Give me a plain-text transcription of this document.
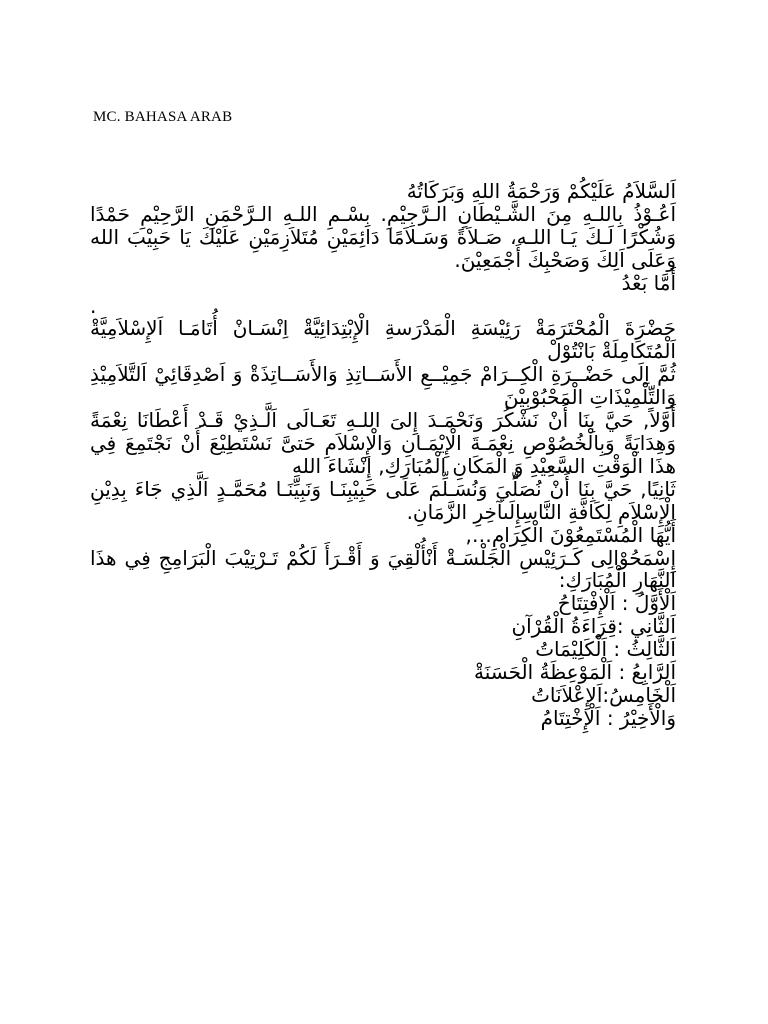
MC. BAHASA ARAB

اَلسَّلاَمُ عَلَيْكُمْ وَرَحْمَةُ اللهِ وَبَرَكَاتُهُ

اَعُـوْذُ بِاللـهِ مِنَ الشَّـيْطَانِ الـرَّجِيْمِ. بِسْـمِ اللـهِ الـرَّحْمَنِ الرَّحِيْمِ حَمْدًا وَشُكْرًا لَـكَ يَـا اللـه، صَـلاَةً وَسَـلاَمًا دَائِمَيْنِ مُتَلاَزِمَيْنِ عَلَيْكَ يَا حَبِيْبَ الله وَعَلَى اَلِكَ وَصَحْبِكَ أَجْمَعِيْنَ.

أَمَّا بَعْدُ

.

حَضْرَةَ الْمُحْتَرَمَةْ رَئِيْسَةِ الْمَدْرَسةِ الْإِبْتِدَائِيَّةْ اِنْسَـانْ أُتَامَـا اَلإِسْلاَمِيَّةْ اَلْمُتَكَامِلَةْ بَانْتُوْلْ

ثُمَّ اِلَى حَضْــرَةِ الْكِــرَامْ جَمِيْــعِ الأَسَــاتِذِ وَالأَسَــاتِذَةْ وَ اَصْدِقَائِيْ اَلتَّلاَمِيْذِ وَالتِّلْمِيْذَاتِ الْمَحْبُوْبِيْنَ

أَوَّلاً, حَيَّ بِنَا أَنْ نَشْكُرَ وَنَحْمَـدَ إِلىَ اللـهِ تَعَـالَى اَلَّـذِيْ قَـدْ أَعْطَانَا نِعْمَةً وَهِدَايَةً وَبِالْخُصُوْصِ نِعْمَـةَ الْإِيْمَـانِ وَالْإِسْلاَمِ حَتىَّ نَسْتَطِيْعَ أَنْ نَجْتَمِعَ فِي هذَا الْوَقْتِ السَّعِيْدِ وَ الْمَكَانِ الْمُبَارَكِ, إِنْشَاءَ اللهِ

ثَانِيًا, حَيَّ بِنَا أَنْ نُصَلِّيَ وَنُسَـلِّمَ عَلَى حَبِيْبِنَـا وَنَبِيِّنَـا مُحَمَّـدٍ اَلَّذِي جَاءَ بِدِيْنِ الْإِسْلاَمِ لِكَافَّةِ النَّاسِإِلَىآخِرِ الزَّمَانِ.

أَيُّهَا الْمُسْتَمِعُوْنَ الْكِرَامِ…,

إِسْمَحُوْالِى كَـرَئِيْسِ الْجَلْسَـةْ أَنْأُلْقِيَ وَ أَقْـرَأَ لَكُمْ تَـرْتِيْبَ الْبَرَامِجِ فِي هذَا النَّهَارِ الْمُبَارَكِ:

اَلْأَوَّلُ : اَلْإِفْتِتَاحُ

اَلثَّانِي :قِرَاءَةُ الْقُرْآنِ

اَلثَّالِثُ : اَلْكَلِيْمَاتُ

اَلرَّابِعُ : اَلْمَوْعِظَةُ الْحَسَنَةْ

اَلْخَامِسُ:اَلإِعْلاَنَاتُ

وَالْأَخِيْرُ : اَلْإِخْتِتَامُ
